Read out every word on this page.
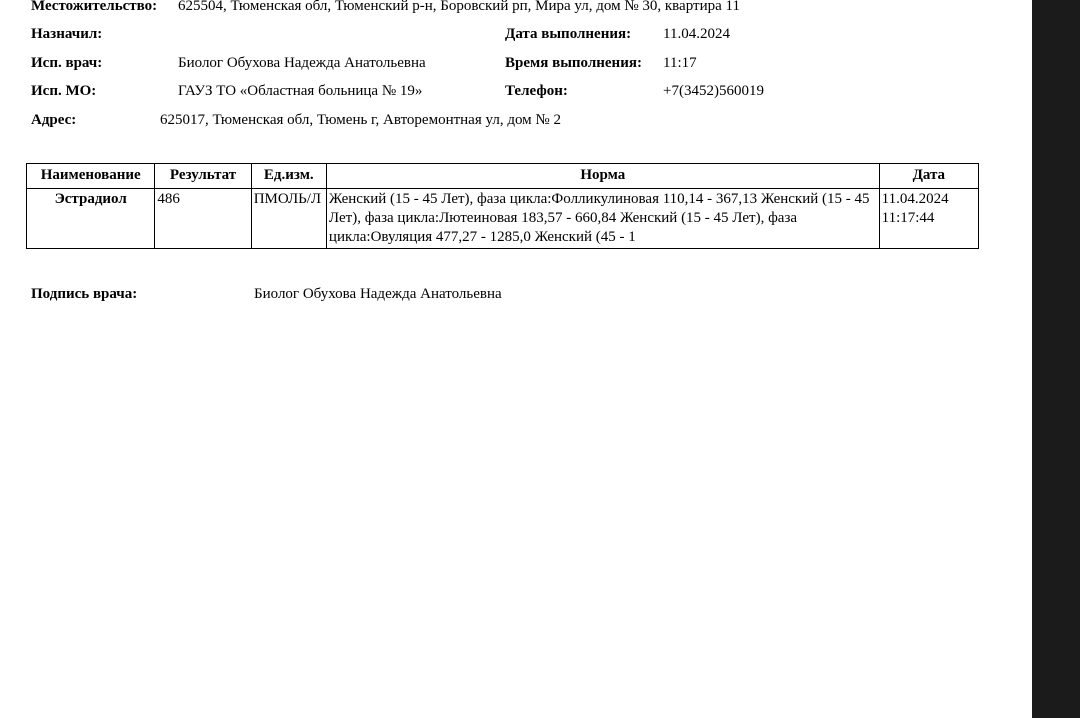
Местожительство: 625504, Тюменская обл, Тюменский р-н, Боровский рп, Мира ул, дом № 30, квартира 11
Назначил:
Исп. врач:	Биолог Обухова Надежда Анатольевна
Исп. МО:	ГАУЗ ТО «Областная больница № 19»
Адрес:	625017, Тюменская обл, Тюмень г, Авторемонтная ул, дом № 2
Дата выполнения: 11.04.2024
Время выполнения: 11:17
Телефон:	+7(3452)560019
Наименование	Результат	Ед.изм.	Норма	Дата
Эстрадиол	486	ПМОЛЬ/Л	Женский (15 - 45 Лет), фаза цикла:Фолликулиновая 110,14 - 367,13 Женский (15 - 45 Лет), фаза цикла:Лютеиновая 183,57 - 660,84 Женский (15 - 45 Лет), фаза цикла:Овуляция 477,27 - 1285,0 Женский (45 - 1	11.04.2024
11:17:44
Подпись врача:	Биолог Обухова Надежда Анатольевна
